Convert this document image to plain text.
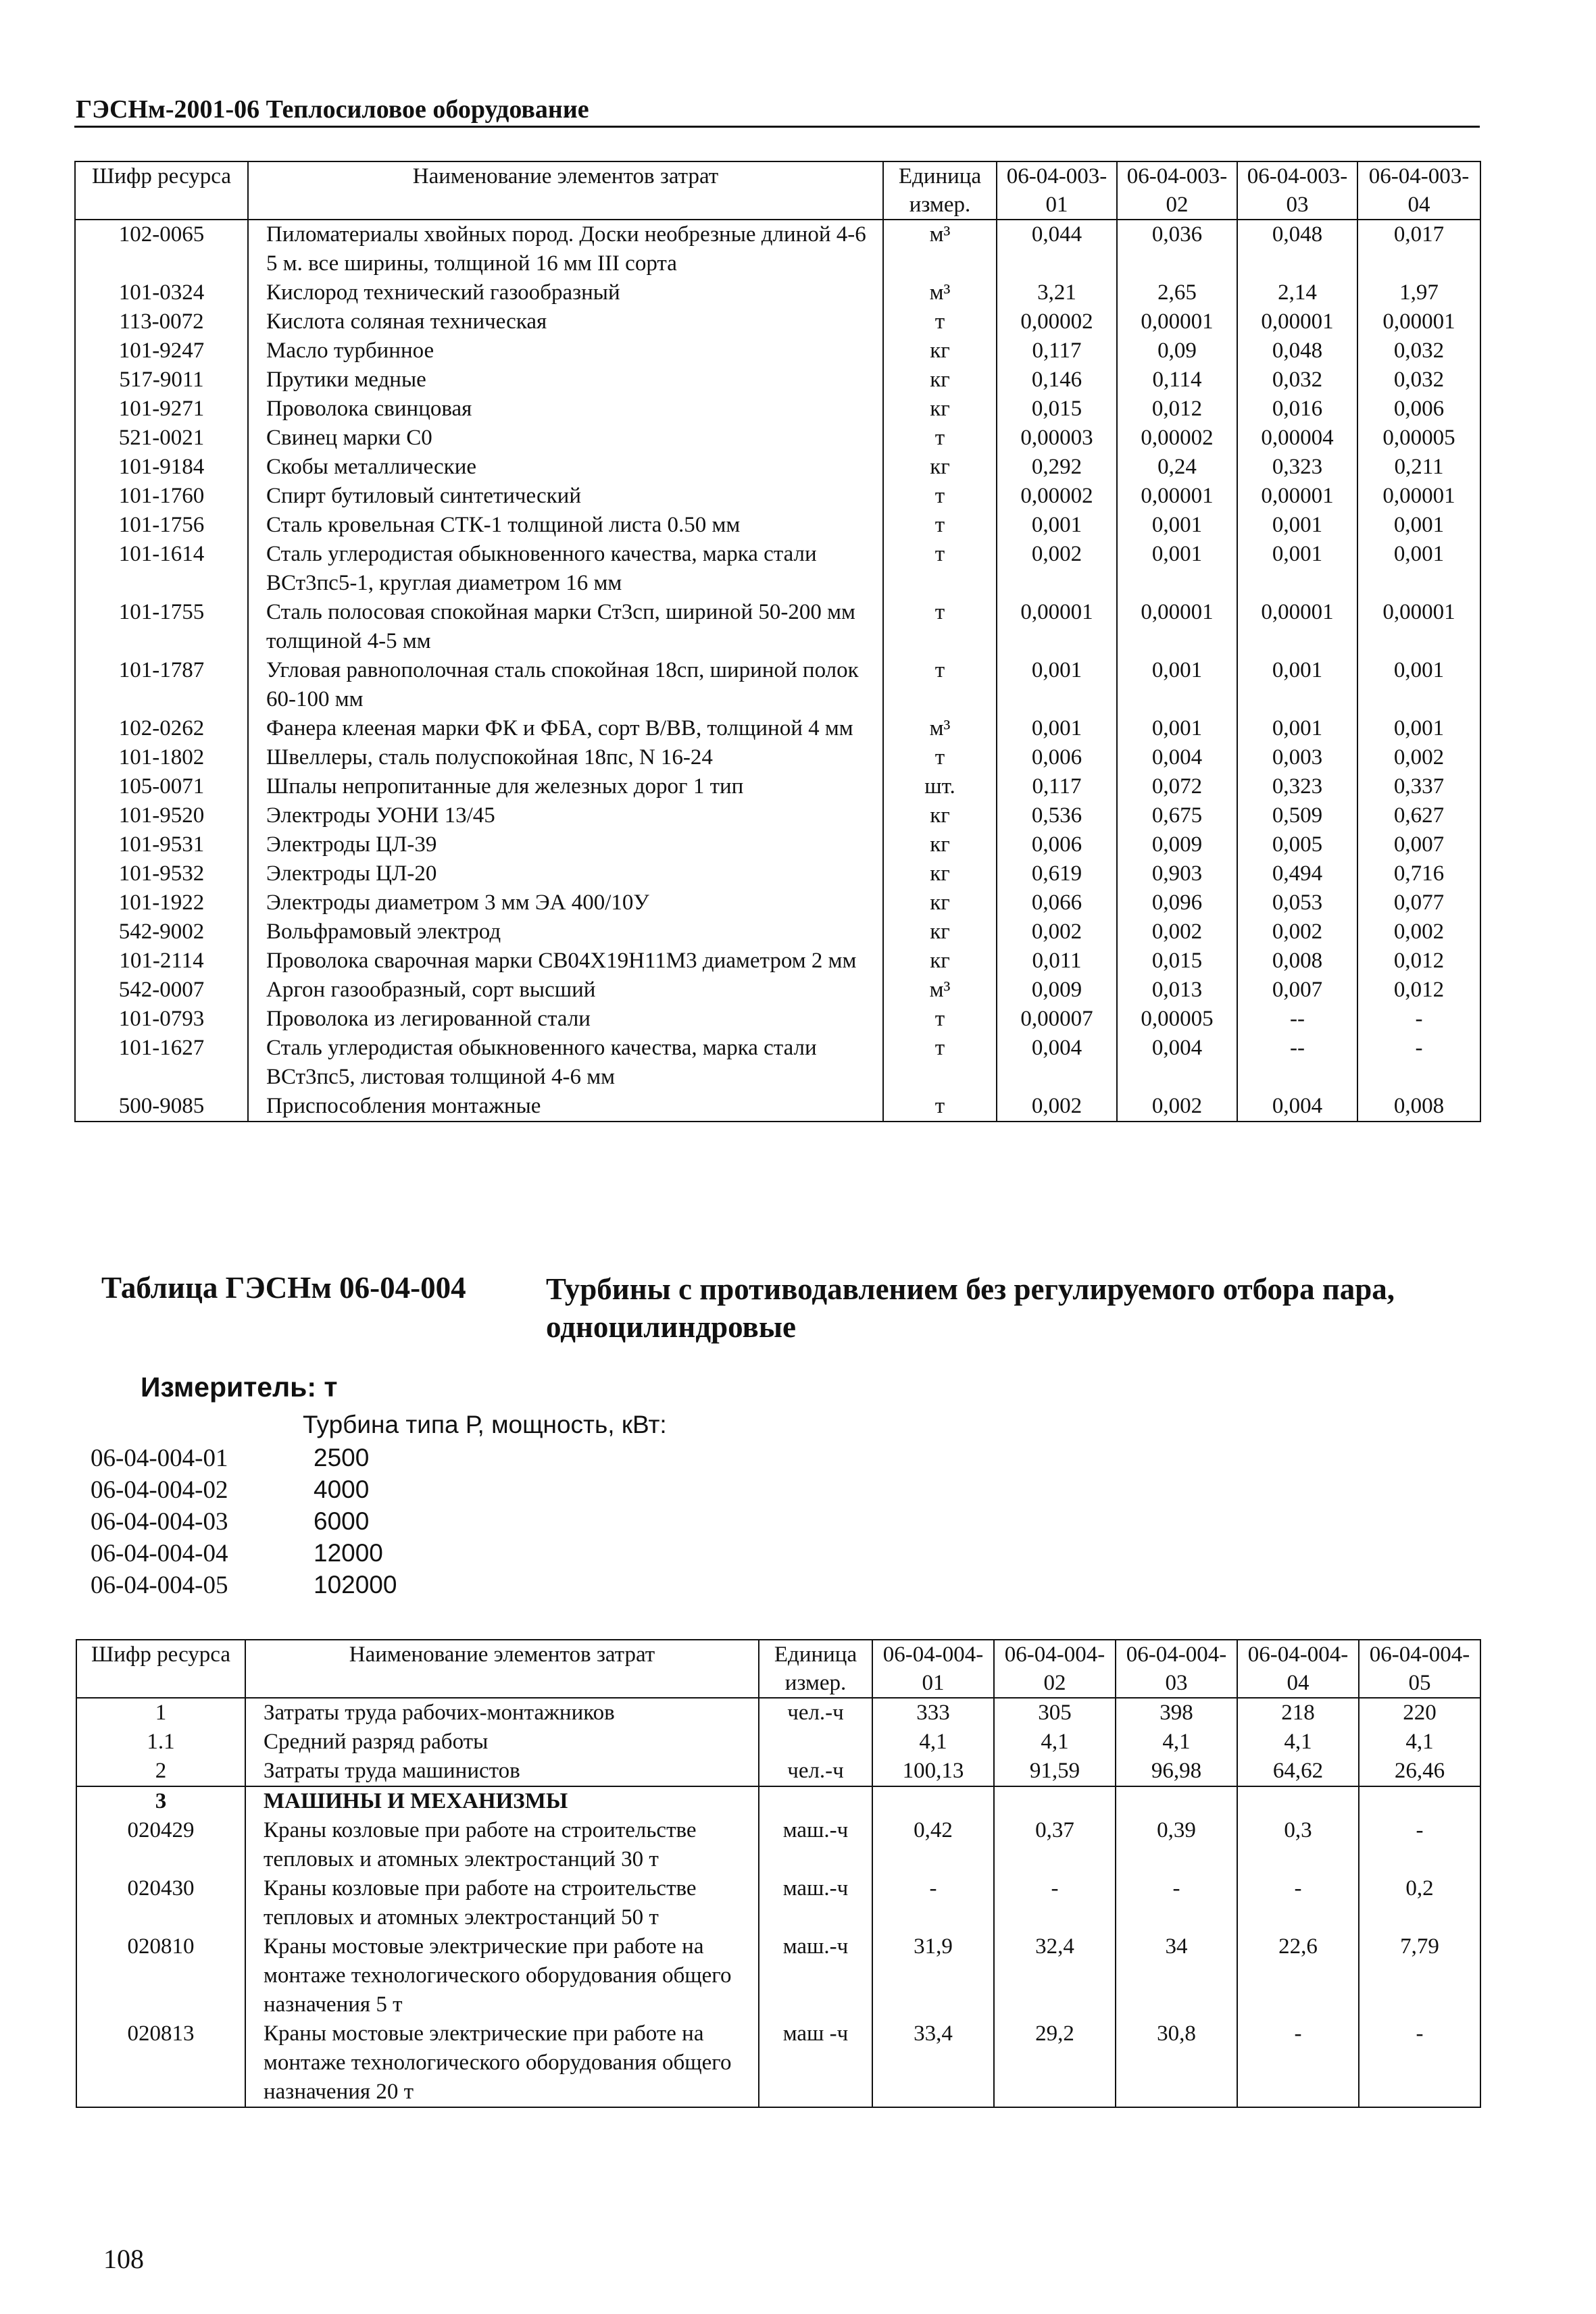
ГЭСНм-2001-06 Теплосиловое оборудование
Шифр ресурса	Наименование элементов затрат	Единица измер.	06-04-003-01	06-04-003-02	06-04-003-03	06-04-003-04
102-0065	Пиломатериалы хвойных пород. Доски необрезные длиной 4-6 5 м. все ширины, толщиной 16 мм III сорта	м³	0,044	0,036	0,048	0,017
101-0324	Кислород технический газообразный	м³	3,21	2,65	2,14	1,97
113-0072	Кислота соляная техническая	т	0,00002	0,00001	0,00001	0,00001
101-9247	Масло турбинное	кг	0,117	0,09	0,048	0,032
517-9011	Прутики медные	кг	0,146	0,114	0,032	0,032
101-9271	Проволока свинцовая	кг	0,015	0,012	0,016	0,006
521-0021	Свинец марки С0	т	0,00003	0,00002	0,00004	0,00005
101-9184	Скобы металлические	кг	0,292	0,24	0,323	0,211
101-1760	Спирт бутиловый синтетический	т	0,00002	0,00001	0,00001	0,00001
101-1756	Сталь кровельная СТК-1 толщиной листа 0.50 мм	т	0,001	0,001	0,001	0,001
101-1614	Сталь углеродистая обыкновенного качества, марка стали ВСт3пс5-1, круглая диаметром 16 мм	т	0,002	0,001	0,001	0,001
101-1755	Сталь полосовая спокойная марки Ст3сп, шириной 50-200 мм толщиной 4-5 мм	т	0,00001	0,00001	0,00001	0,00001
101-1787	Угловая равнополочная сталь спокойная 18сп, шириной полок 60-100 мм	т	0,001	0,001	0,001	0,001
102-0262	Фанера клееная марки ФК и ФБА, сорт В/ВВ, толщиной 4 мм	м³	0,001	0,001	0,001	0,001
101-1802	Швеллеры, сталь полуспокойная 18пс, N 16-24	т	0,006	0,004	0,003	0,002
105-0071	Шпалы непропитанные для железных дорог 1 тип	шт.	0,117	0,072	0,323	0,337
101-9520	Электроды УОНИ 13/45	кг	0,536	0,675	0,509	0,627
101-9531	Электроды ЦЛ-39	кг	0,006	0,009	0,005	0,007
101-9532	Электроды ЦЛ-20	кг	0,619	0,903	0,494	0,716
101-1922	Электроды диаметром 3 мм ЭА 400/10У	кг	0,066	0,096	0,053	0,077
542-9002	Вольфрамовый электрод	кг	0,002	0,002	0,002	0,002
101-2114	Проволока сварочная марки СВ04Х19Н11М3 диаметром 2 мм	кг	0,011	0,015	0,008	0,012
542-0007	Аргон газообразный, сорт высший	м³	0,009	0,013	0,007	0,012
101-0793	Проволока из легированной стали	т	0,00007	0,00005	--	-
101-1627	Сталь углеродистая обыкновенного качества, марка стали ВСт3пс5, листовая толщиной 4-6 мм	т	0,004	0,004	--	-
500-9085	Приспособления монтажные	т	0,002	0,002	0,004	0,008
Таблица ГЭСНм 06-04-004	Турбины с противодавлением без регулируемого отбора пара, одноцилиндровые
Измеритель: т
Турбина типа Р, мощность, кВт:
06-04-004-01	2500
06-04-004-02	4000
06-04-004-03	6000
06-04-004-04	12000
06-04-004-05	102000
Шифр ресурса	Наименование элементов затрат	Единица измер.	06-04-004-01	06-04-004-02	06-04-004-03	06-04-004-04	06-04-004-05
1	Затраты труда рабочих-монтажников	чел.-ч	333	305	398	218	220
1.1	Средний разряд работы		4,1	4,1	4,1	4,1	4,1
2	Затраты труда машинистов	чел.-ч	100,13	91,59	96,98	64,62	26,46
3	МАШИНЫ И МЕХАНИЗМЫ						
020429	Краны козловые при работе на строительстве тепловых и атомных электростанций 30 т	маш.-ч	0,42	0,37	0,39	0,3	-
020430	Краны козловые при работе на строительстве тепловых и атомных электростанций 50 т	маш.-ч	-	-	-	-	0,2
020810	Краны мостовые электрические при работе на монтаже технологического оборудования общего назначения 5 т	маш.-ч	31,9	32,4	34	22,6	7,79
020813	Краны мостовые электрические при работе на монтаже технологического оборудования общего назначения 20 т	маш -ч	33,4	29,2	30,8	-	-
108
